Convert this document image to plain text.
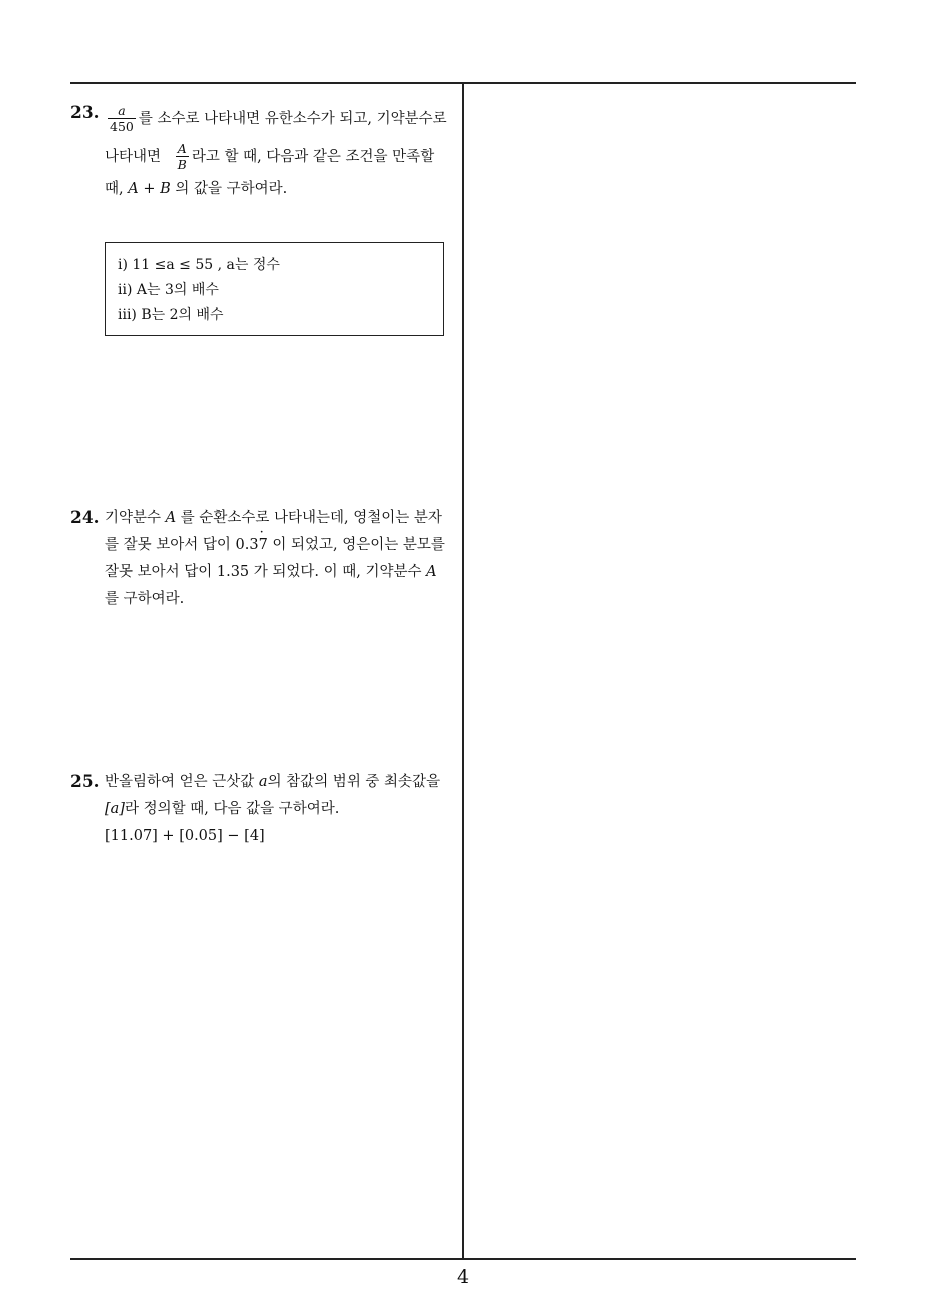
23. $\frac{a}{450}$ 를 소수로 나타내면 유한소수가 되고, 기약분수로
나타내면 $\frac{A}{B}$ 라고 할 때, 다음과 같은 조건을 만족할
때, A + B 의 값을 구하여라.
i) 11 ≤a ≤ 55 , a는 정수
ii) A는 3의 배수
iii) B는 2의 배수
24. 기약분수 A 를 순환소수로 나타내는데, 영철이는 분자
를 잘못 보아서 답이 0.3· 7 이 되었고, 영은이는 분모를
잘못 보아서 답이 1.35 가 되었다. 이 때, 기약분수 A
를 구하여라.
25. 반올림하여 얻은 근삿값 a의 참값의 범위 중 최솟값을
[a]라 정의할 때, 다음 값을 구하여라.
[11.07] + [0.05] − [4]
4
